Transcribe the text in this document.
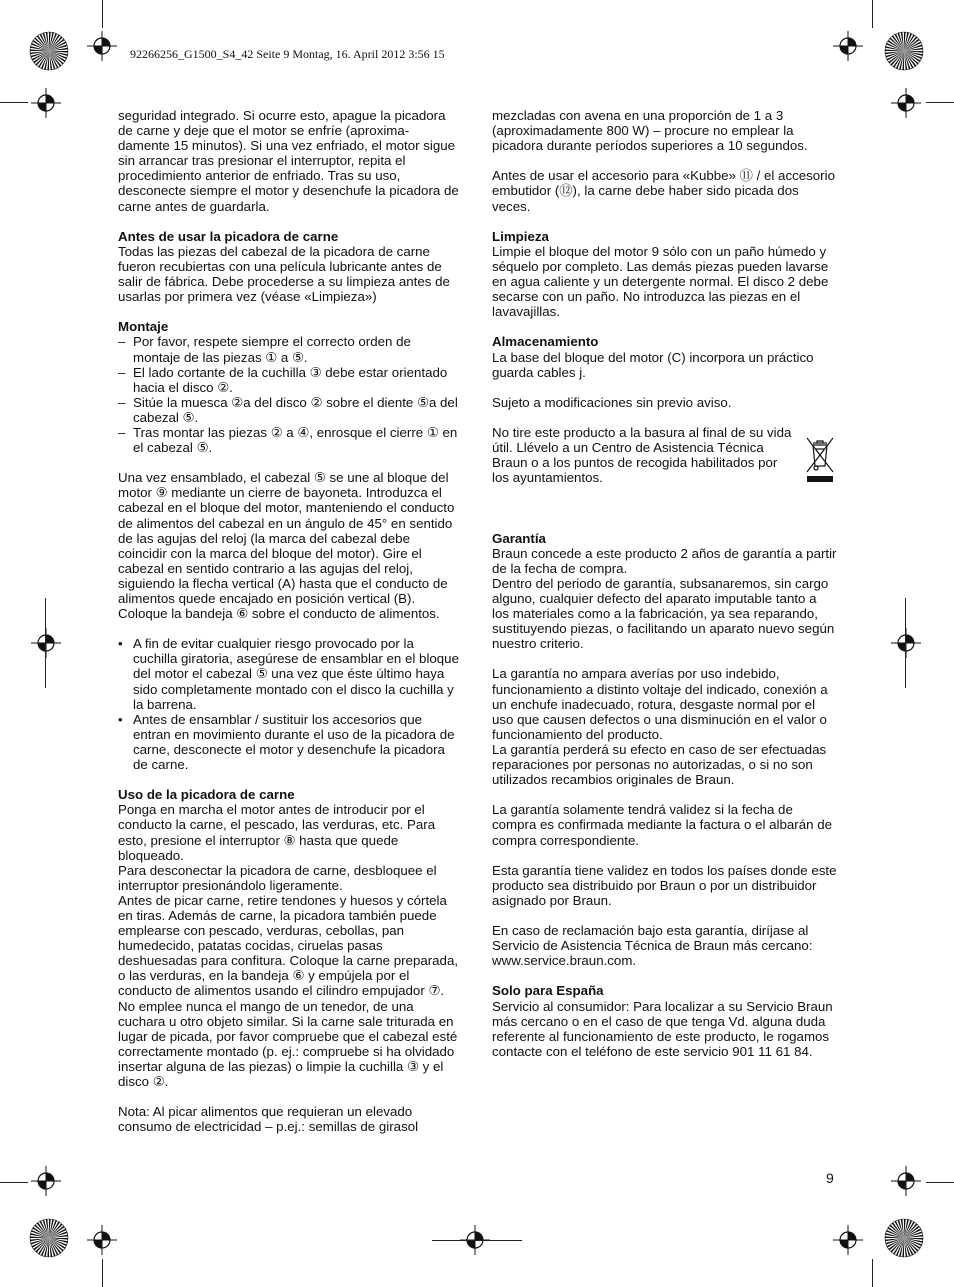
92266256_G1500_S4_42 Seite 9 Montag, 16. April 2012 3:56 15

seguridad integrado. Si ocurre esto, apague la picadora de carne y deje que el motor se enfríe (aproxima-damente 15 minutos). Si una vez enfriado, el motor sigue sin arrancar tras presionar el interruptor, repita el procedimiento anterior de enfriado. Tras su uso, desconecte siempre el motor y desenchufe la picadora de carne antes de guardarla.

Antes de usar la picadora de carne

Todas las piezas del cabezal de la picadora de carne fueron recubiertas con una película lubricante antes de salir de fábrica. Debe procederse a su limpieza antes de usarlas por primera vez (véase «Limpieza»)

Montaje
– Por favor, respete siempre el correcto orden de montaje de las piezas ① a ⑤.
– El lado cortante de la cuchilla ③ debe estar orientado hacia el disco ②.
– Sitúe la muesca ②a del disco ② sobre el diente ⑤a del cabezal ⑤.
– Tras montar las piezas ② a ④, enrosque el cierre ① en el cabezal ⑤.

Una vez ensamblado, el cabezal ⑤ se une al bloque del motor ⑨ mediante un cierre de bayoneta. Introduzca el cabezal en el bloque del motor, manteniendo el conducto de alimentos del cabezal en un ángulo de 45° en sentido de las agujas del reloj (la marca del cabezal debe coincidir con la marca del bloque del motor). Gire el cabezal en sentido contrario a las agujas del reloj, siguiendo la flecha vertical (A) hasta que el conducto de alimentos quede encajado en posición vertical (B). Coloque la bandeja ⑥ sobre el conducto de alimentos.

• A fin de evitar cualquier riesgo provocado por la cuchilla giratoria, asegúrese de ensamblar en el bloque del motor el cabezal ⑤ una vez que éste último haya sido completamente montado con el disco la cuchilla y la barrena.
• Antes de ensamblar / sustituir los accesorios que entran en movimiento durante el uso de la picadora de carne, desconecte el motor y desenchufe la picadora de carne.
Uso de la picadora de carne

Ponga en marcha el motor antes de introducir por el conducto la carne, el pescado, las verduras, etc. Para esto, presione el interruptor ⑧ hasta que quede bloqueado.

Para desconectar la picadora de carne, desbloquee el interruptor presionándolo ligeramente.

Antes de picar carne, retire tendones y huesos y córtela en tiras. Además de carne, la picadora también puede emplearse con pescado, verduras, cebollas, pan humedecido, patatas cocidas, ciruelas pasas deshuesadas para confitura. Coloque la carne preparada, o las verduras, en la bandeja ⑥ y empújela por el conducto de alimentos usando el cilindro empujador ⑦.

No emplee nunca el mango de un tenedor, de una cuchara u otro objeto similar. Si la carne sale triturada en lugar de picada, por favor compruebe que el cabezal esté correctamente montado (p. ej.: compruebe si ha olvidado insertar alguna de las piezas) o limpie la cuchilla ③ y el disco ②.

Nota: Al picar alimentos que requieran un elevado consumo de electricidad – p.ej.: semillas de girasol

mezcladas con avena en una proporción de 1 a 3 (aproximadamente 800 W) – procure no emplear la picadora durante períodos superiores a 10 segundos.

Antes de usar el accesorio para «Kubbe» ⑪ / el accesorio embutidor (⑫), la carne debe haber sido picada dos veces.

Limpieza

Limpie el bloque del motor 9 sólo con un paño húmedo y séquelo por completo. Las demás piezas pueden lavarse en agua caliente y un detergente normal. El disco 2 debe secarse con un paño. No introduzca las piezas en el lavavajillas.

Almacenamiento

La base del bloque del motor (C) incorpora un práctico guarda cables j.

Sujeto a modificaciones sin previo aviso.

No tire este producto a la basura al final de su vida útil. Llévelo a un Centro de Asistencia Técnica Braun o a los puntos de recogida habilitados por los ayuntamientos.

Garantía

Braun concede a este producto 2 años de garantía a partir de la fecha de compra.

Dentro del periodo de garantía, subsanaremos, sin cargo alguno, cualquier defecto del aparato imputable tanto a los materiales como a la fabricación, ya sea reparando, sustituyendo piezas, o facilitando un aparato nuevo según nuestro criterio.

La garantía no ampara averías por uso indebido, funcionamiento a distinto voltaje del indicado, conexión a un enchufe inadecuado, rotura, desgaste normal por el uso que causen defectos o una disminución en el valor o funcionamiento del producto.

La garantía perderá su efecto en caso de ser efectuadas reparaciones por personas no autorizadas, o si no son utilizados recambios originales de Braun.

La garantía solamente tendrá validez si la fecha de compra es confirmada mediante la factura o el albarán de compra correspondiente.

Esta garantía tiene validez en todos los países donde este producto sea distribuido por Braun o por un distribuidor asignado por Braun.

En caso de reclamación bajo esta garantía, diríjase al Servicio de Asistencia Técnica de Braun más cercano: www.service.braun.com.

Solo para España

Servicio al consumidor: Para localizar a su Servicio Braun más cercano o en el caso de que tenga Vd. alguna duda referente al funcionamiento de este producto, le rogamos contacte con el teléfono de este servicio 901 11 61 84.

9
